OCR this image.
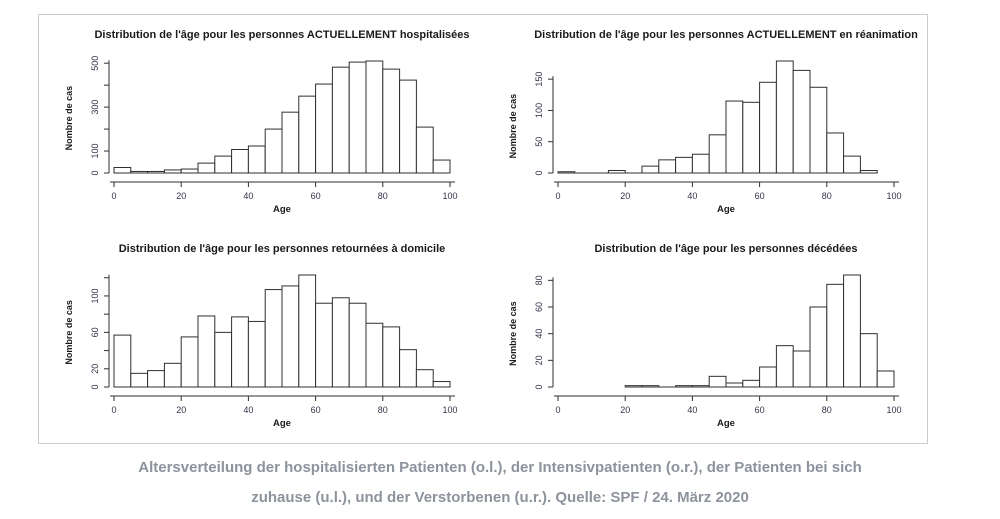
Distribution de l'âge pour les personnes ACTUELLEMENT hospitalisées
0
100
300
500
Nombre de cas
0	20	40	60	80	100
Age
Distribution de l'âge pour les personnes ACTUELLEMENT en réanimation
0
50
100
150
Nombre de cas
0	20	40	60	80	100
Age
Distribution de l'âge pour les personnes retournées à domicile
0
20
60
100
Nombre de cas
0	20	40	60	80	100
Age
Distribution de l'âge pour les personnes décédées
0
20
40
60
80
Nombre de cas
0	20	40	60	80	100
Age
Altersverteilung der hospitalisierten Patienten (o.l.), der Intensivpatienten (o.r.), der Patienten bei sich
zuhause (u.l.), und der Verstorbenen (u.r.). Quelle: SPF / 24. März 2020
